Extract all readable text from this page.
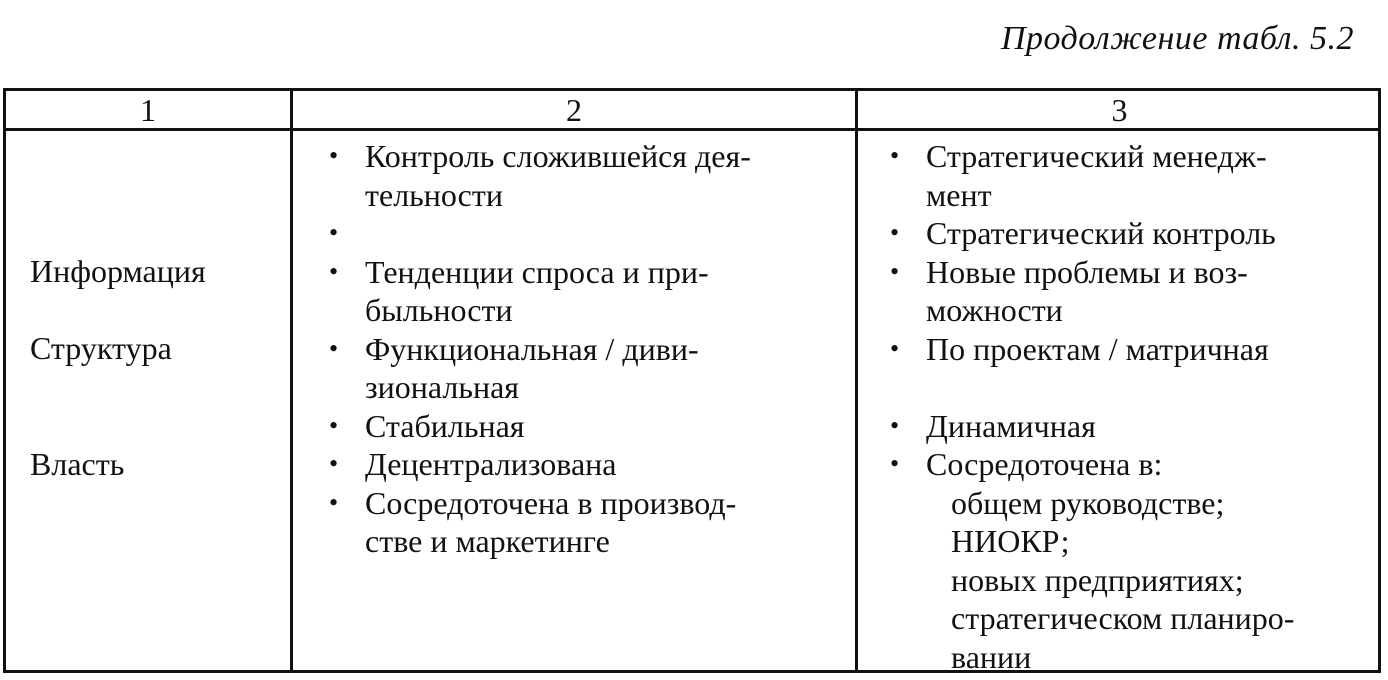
Продолжение табл. 5.2
1	2	3
Информация
Структура
Власть
• Контроль сложившейся дея-
тельности
•

• Тенденции спроса и при-
быльности
• Функциональная / диви-
зиональная
• Стабильная
• Децентрализована
• Сосредоточена в производ-
стве и маркетинге
• Стратегический менедж-
мент
• Стратегический контроль
• Новые проблемы и воз-
можности
• По проектам / матричная
• Динамичная
• Сосредоточена в:
общем руководстве;
НИОКР;
новых предприятиях;
стратегическом планиро-
вании
